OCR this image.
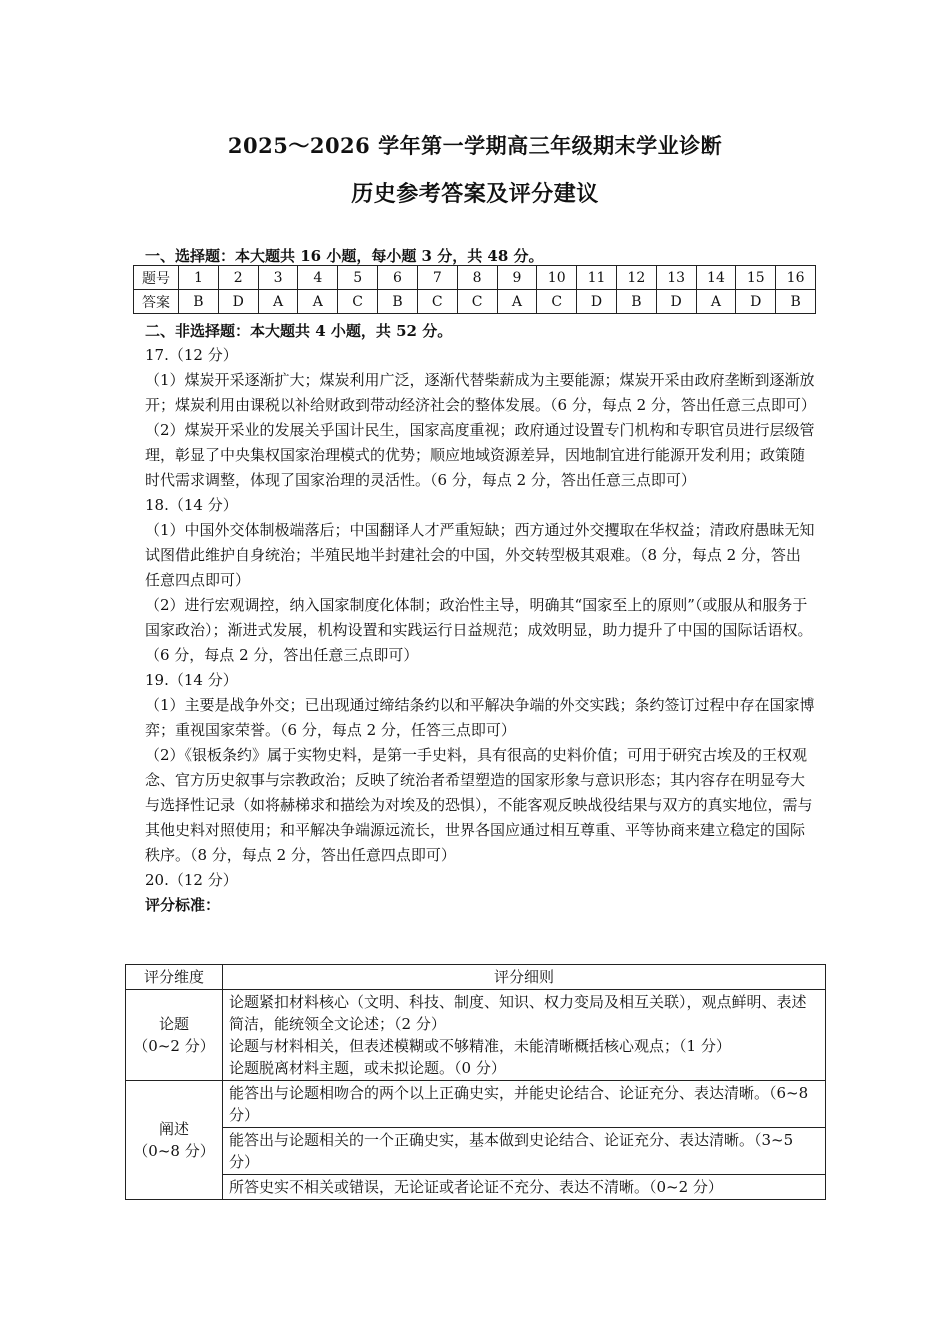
2025～2026 学年第一学期高三年级期末学业诊断
历史参考答案及评分建议
一、选择题：本大题共 16 小题，每小题 3 分，共 48 分。
题号	1	2	3	4	5	6	7	8	9	10	11	12	13	14	15	16
答案	B	D	A	A	C	B	C	C	A	C	D	B	D	A	D	B
二、非选择题：本大题共 4 小题，共 52 分。

17.（12 分）

（1）煤炭开采逐渐扩大；煤炭利用广泛，逐渐代替柴薪成为主要能源；煤炭开采由政府垄断到逐渐放开；煤炭利用由课税以补给财政到带动经济社会的整体发展。（6 分，每点 2 分，答出任意三点即可）

（2）煤炭开采业的发展关乎国计民生，国家高度重视；政府通过设置专门机构和专职官员进行层级管理，彰显了中央集权国家治理模式的优势；顺应地域资源差异，因地制宜进行能源开发利用；政策随时代需求调整，体现了国家治理的灵活性。（6 分，每点 2 分，答出任意三点即可）

18.（14 分）

（1）中国外交体制极端落后；中国翻译人才严重短缺；西方通过外交攫取在华权益；清政府愚昧无知试图借此维护自身统治；半殖民地半封建社会的中国，外交转型极其艰难。（8 分，每点 2 分，答出任意四点即可）

（2）进行宏观调控，纳入国家制度化体制；政治性主导，明确其“国家至上的原则”（或服从和服务于国家政治）；渐进式发展，机构设置和实践运行日益规范；成效明显，助力提升了中国的国际话语权。（6 分，每点 2 分，答出任意三点即可）

19.（14 分）

（1）主要是战争外交；已出现通过缔结条约以和平解决争端的外交实践；条约签订过程中存在国家博弈；重视国家荣誉。（6 分，每点 2 分，任答三点即可）

（2）《银板条约》属于实物史料，是第一手史料，具有很高的史料价值；可用于研究古埃及的王权观念、官方历史叙事与宗教政治；反映了统治者希望塑造的国家形象与意识形态；其内容存在明显夸大与选择性记录（如将赫梯求和描绘为对埃及的恐惧），不能客观反映战役结果与双方的真实地位，需与其他史料对照使用；和平解决争端源远流长，世界各国应通过相互尊重、平等协商来建立稳定的国际秩序。（8 分，每点 2 分，答出任意四点即可）

20.（12 分）

评分标准：

评分维度	评分细则

论题
（0~2 分）	论题紧扣材料核心（文明、科技、制度、知识、权力变局及相互关联），观点鲜明、表述简洁，能统领全文论述；（2 分）
论题与材料相关，但表述模糊或不够精准，未能清晰概括核心观点；（1 分）
论题脱离材料主题，或未拟论题。（0 分）

阐述
（0~8 分）	能答出与论题相吻合的两个以上正确史实，并能史论结合、论证充分、表达清晰。（6~8 分）
	能答出与论题相关的一个正确史实，基本做到史论结合、论证充分、表达清晰。（3~5 分）
	所答史实不相关或错误，无论证或者论证不充分、表达不清晰。（0~2 分）
